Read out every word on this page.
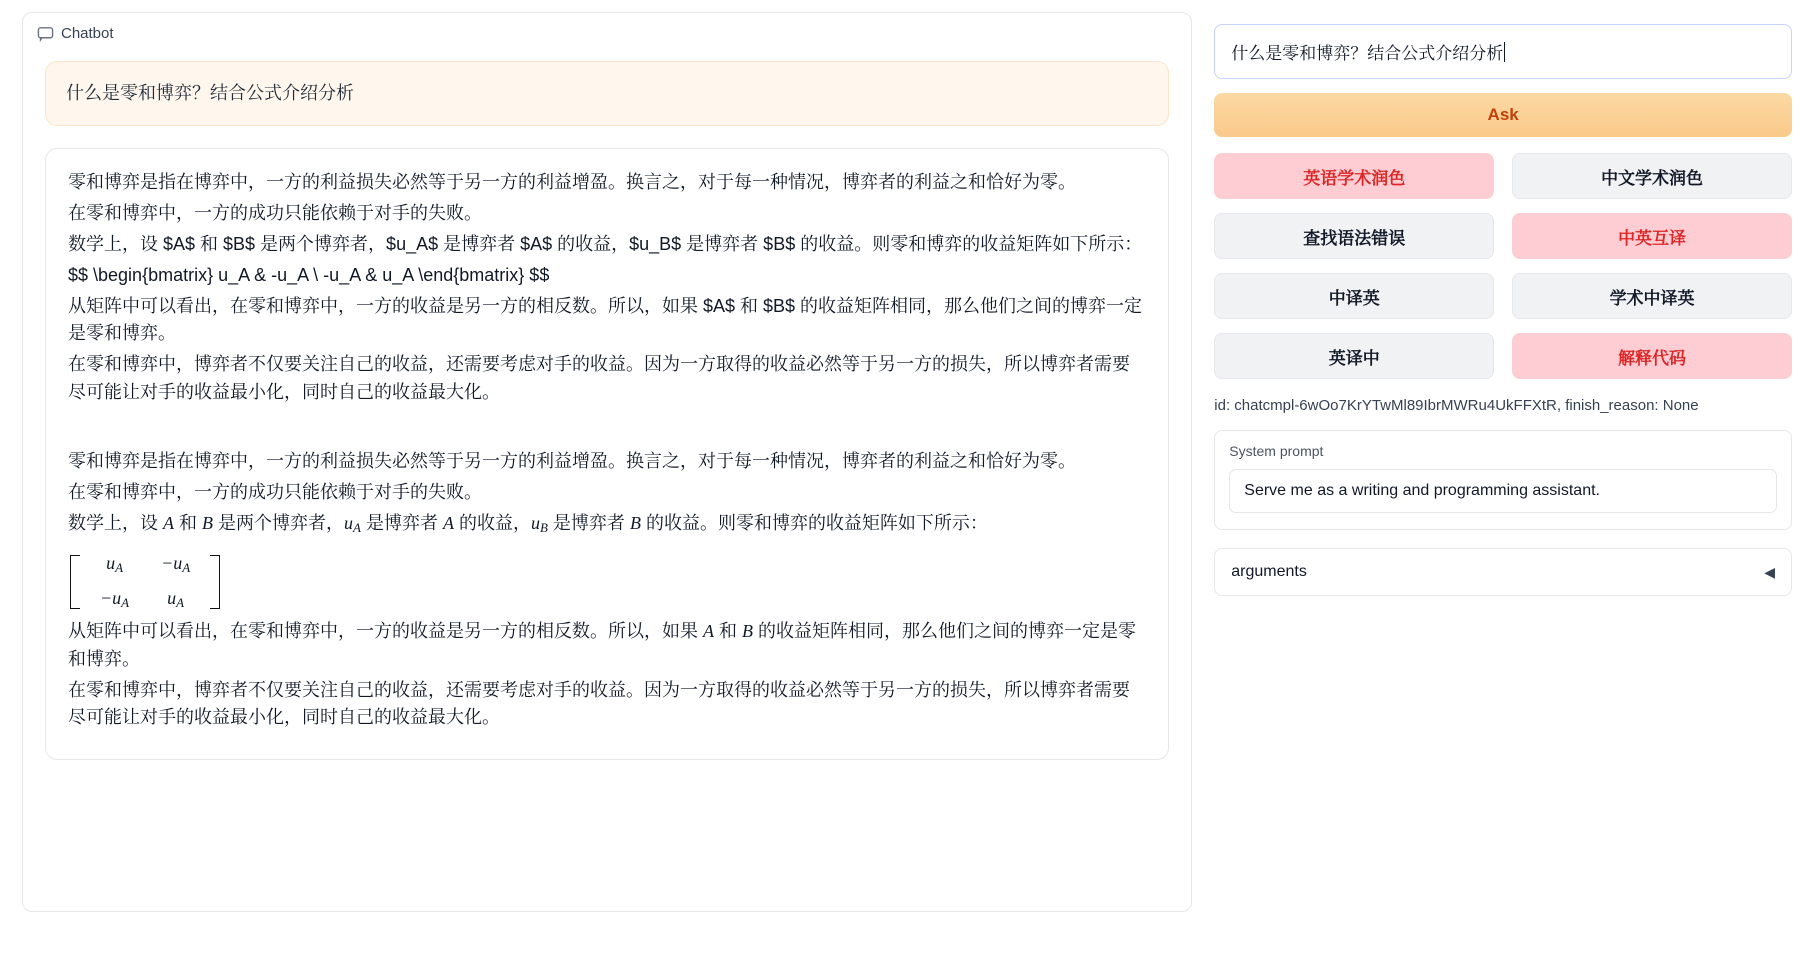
Chatbot
什么是零和博弈？结合公式介绍分析

零和博弈是指在博弈中，一方的利益损失必然等于另一方的利益增盈。换言之，对于每一种情况，博弈者的利益之和恰好为零。

在零和博弈中，一方的成功只能依赖于对手的失败。

数学上，设 $A$ 和 $B$ 是两个博弈者，$u_A$ 是博弈者 $A$ 的收益，$u_B$ 是博弈者 $B$ 的收益。则零和博弈的收益矩阵如下所示：

$$ \begin{bmatrix} u_A & -u_A \ -u_A & u_A \end{bmatrix} $$

从矩阵中可以看出，在零和博弈中，一方的收益是另一方的相反数。所以，如果 $A$ 和 $B$ 的收益矩阵相同，那么他们之间的博弈一定是零和博弈。

在零和博弈中，博弈者不仅要关注自己的收益，还需要考虑对手的收益。因为一方取得的收益必然等于另一方的损失，所以博弈者需要尽可能让对手的收益最小化，同时自己的收益最大化。

零和博弈是指在博弈中，一方的利益损失必然等于另一方的利益增盈。换言之，对于每一种情况，博弈者的利益之和恰好为零。

在零和博弈中，一方的成功只能依赖于对手的失败。

数学上，设 A 和 B 是两个博弈者，$u_A$ 是博弈者 A 的收益，$u_B$ 是博弈者 B 的收益。则零和博弈的收益矩阵如下所示：

$u_A$	$-u_A$
$-u_A$	$u_A$

从矩阵中可以看出，在零和博弈中，一方的收益是另一方的相反数。所以，如果 A 和 B 的收益矩阵相同，那么他们之间的博弈一定是零和博弈。

在零和博弈中，博弈者不仅要关注自己的收益，还需要考虑对手的收益。因为一方取得的收益必然等于另一方的损失，所以博弈者需要尽可能让对手的收益最小化，同时自己的收益最大化。

什么是零和博弈？结合公式介绍分析
Ask
英语学术润色	中文学术润色
查找语法错误	中英互译
中译英	学术中译英
英译中	解释代码
id: chatcmpl-6wOo7KrYTwMl89IbrMWRu4UkFFXtR, finish_reason: None
System prompt
Serve me as a writing and programming assistant.
arguments	◀
